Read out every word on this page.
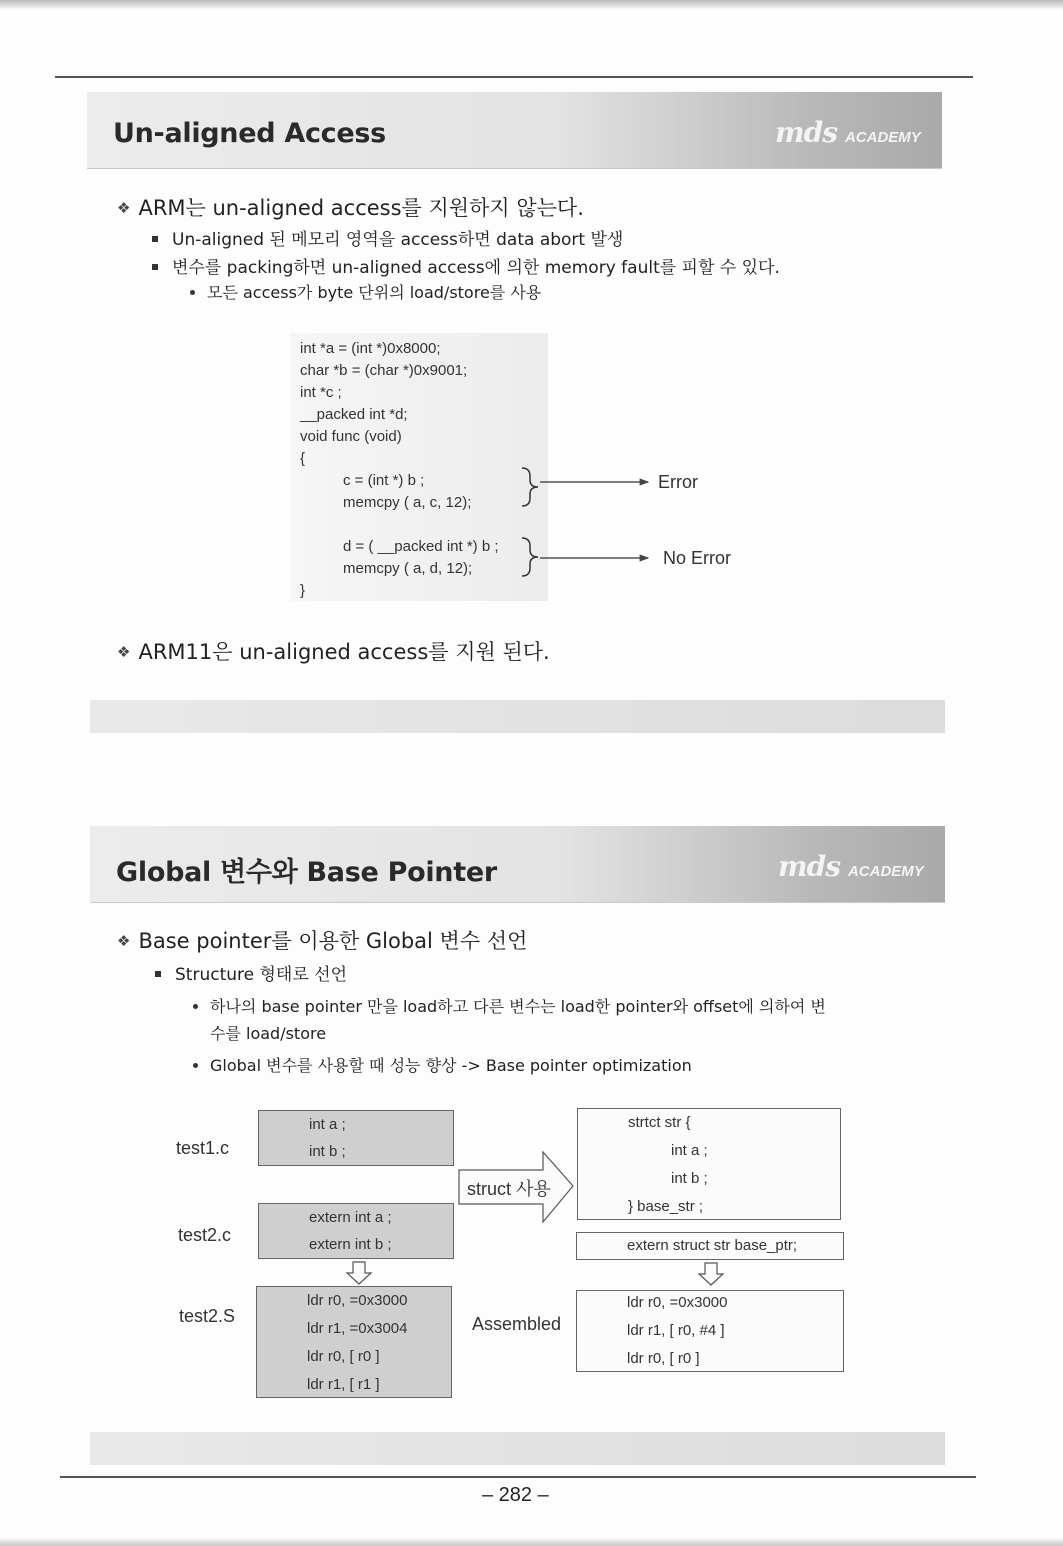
Un-aligned Access	mds ACADEMY
❖ ARM는 un-aligned access를 지원하지 않는다.
Un-aligned 된 메모리 영역을 access하면 data abort 발생
변수를 packing하면 un-aligned access에 의한 memory fault를 피할 수 있다.
모든 access가 byte 단위의 load/store를 사용
int *a = (int *)0x8000;
char *b = (char *)0x9001;
int *c ;
__packed int *d;
void func (void)
{
c = (int *) b ;
memcpy ( a, c, 12);
d = ( __packed int *) b ;
memcpy ( a, d, 12);
}
Error
No Error
❖ ARM11은 un-aligned access를 지원 된다.
Global 변수와 Base Pointer	mds ACADEMY
❖ Base pointer를 이용한 Global 변수 선언
Structure 형태로 선언
하나의 base pointer 만을 load하고 다른 변수는 load한 pointer와 offset에 의하여 변
수를 load/store
Global 변수를 사용할 때 성능 향상 -> Base pointer optimization
test1.c
test2.c
test2.S
int a ;
int b ;
extern int a ;
extern int b ;
ldr r0, =0x3000
ldr r1, =0x3004
ldr r0, [ r0 ]
ldr r1, [ r1 ]
strtct str {
int a ;
int b ;
} base_str ;
extern struct str base_ptr;
ldr r0, =0x3000
ldr r1, [ r0, #4 ]
ldr r0, [ r0 ]
struct 사용
Assembled
– 282 –
